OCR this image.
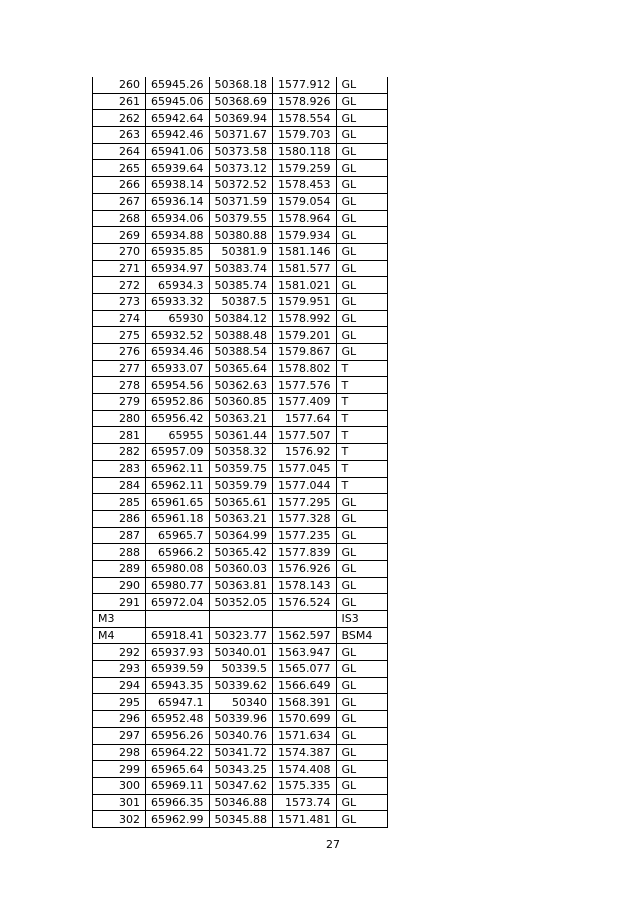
260	65945.26	50368.18	1577.912	GL
261	65945.06	50368.69	1578.926	GL
262	65942.64	50369.94	1578.554	GL
263	65942.46	50371.67	1579.703	GL
264	65941.06	50373.58	1580.118	GL
265	65939.64	50373.12	1579.259	GL
266	65938.14	50372.52	1578.453	GL
267	65936.14	50371.59	1579.054	GL
268	65934.06	50379.55	1578.964	GL
269	65934.88	50380.88	1579.934	GL
270	65935.85	50381.9	1581.146	GL
271	65934.97	50383.74	1581.577	GL
272	65934.3	50385.74	1581.021	GL
273	65933.32	50387.5	1579.951	GL
274	65930	50384.12	1578.992	GL
275	65932.52	50388.48	1579.201	GL
276	65934.46	50388.54	1579.867	GL
277	65933.07	50365.64	1578.802	T
278	65954.56	50362.63	1577.576	T
279	65952.86	50360.85	1577.409	T
280	65956.42	50363.21	1577.64	T
281	65955	50361.44	1577.507	T
282	65957.09	50358.32	1576.92	T
283	65962.11	50359.75	1577.045	T
284	65962.11	50359.79	1577.044	T
285	65961.65	50365.61	1577.295	GL
286	65961.18	50363.21	1577.328	GL
287	65965.7	50364.99	1577.235	GL
288	65966.2	50365.42	1577.839	GL
289	65980.08	50360.03	1576.926	GL
290	65980.77	50363.81	1578.143	GL
291	65972.04	50352.05	1576.524	GL
M3				IS3
M4	65918.41	50323.77	1562.597	BSM4
292	65937.93	50340.01	1563.947	GL
293	65939.59	50339.5	1565.077	GL
294	65943.35	50339.62	1566.649	GL
295	65947.1	50340	1568.391	GL
296	65952.48	50339.96	1570.699	GL
297	65956.26	50340.76	1571.634	GL
298	65964.22	50341.72	1574.387	GL
299	65965.64	50343.25	1574.408	GL
300	65969.11	50347.62	1575.335	GL
301	65966.35	50346.88	1573.74	GL
302	65962.99	50345.88	1571.481	GL
27
